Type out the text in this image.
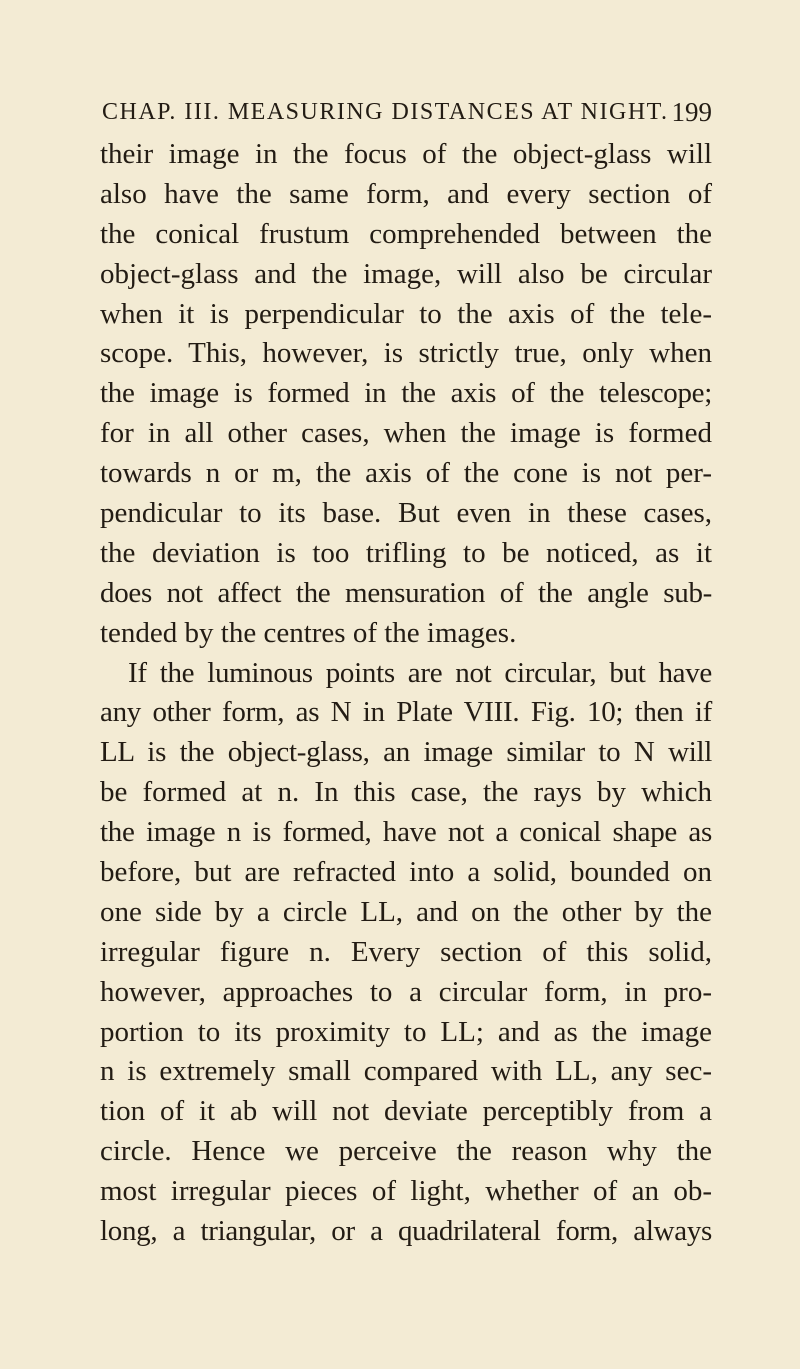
CHAP. III. MEASURING DISTANCES AT NIGHT. 199
their image in the focus of the object-glass will
also have the same form, and every section of
the conical frustum comprehended between the
object-glass and the image, will also be circular
when it is perpendicular to the axis of the tele-
scope. This, however, is strictly true, only when
the image is formed in the axis of the telescope;
for in all other cases, when the image is formed
towards n or m, the axis of the cone is not per-
pendicular to its base. But even in these cases,
the deviation is too trifling to be noticed, as it
does not affect the mensuration of the angle sub-
tended by the centres of the images.
If the luminous points are not circular, but have
any other form, as N in Plate VIII. Fig. 10; then if
LL is the object-glass, an image similar to N will
be formed at n. In this case, the rays by which
the image n is formed, have not a conical shape as
before, but are refracted into a solid, bounded on
one side by a circle LL, and on the other by the
irregular figure n. Every section of this solid,
however, approaches to a circular form, in pro-
portion to its proximity to LL; and as the image
n is extremely small compared with LL, any sec-
tion of it ab will not deviate perceptibly from a
circle. Hence we perceive the reason why the
most irregular pieces of light, whether of an ob-
long, a triangular, or a quadrilateral form, always
